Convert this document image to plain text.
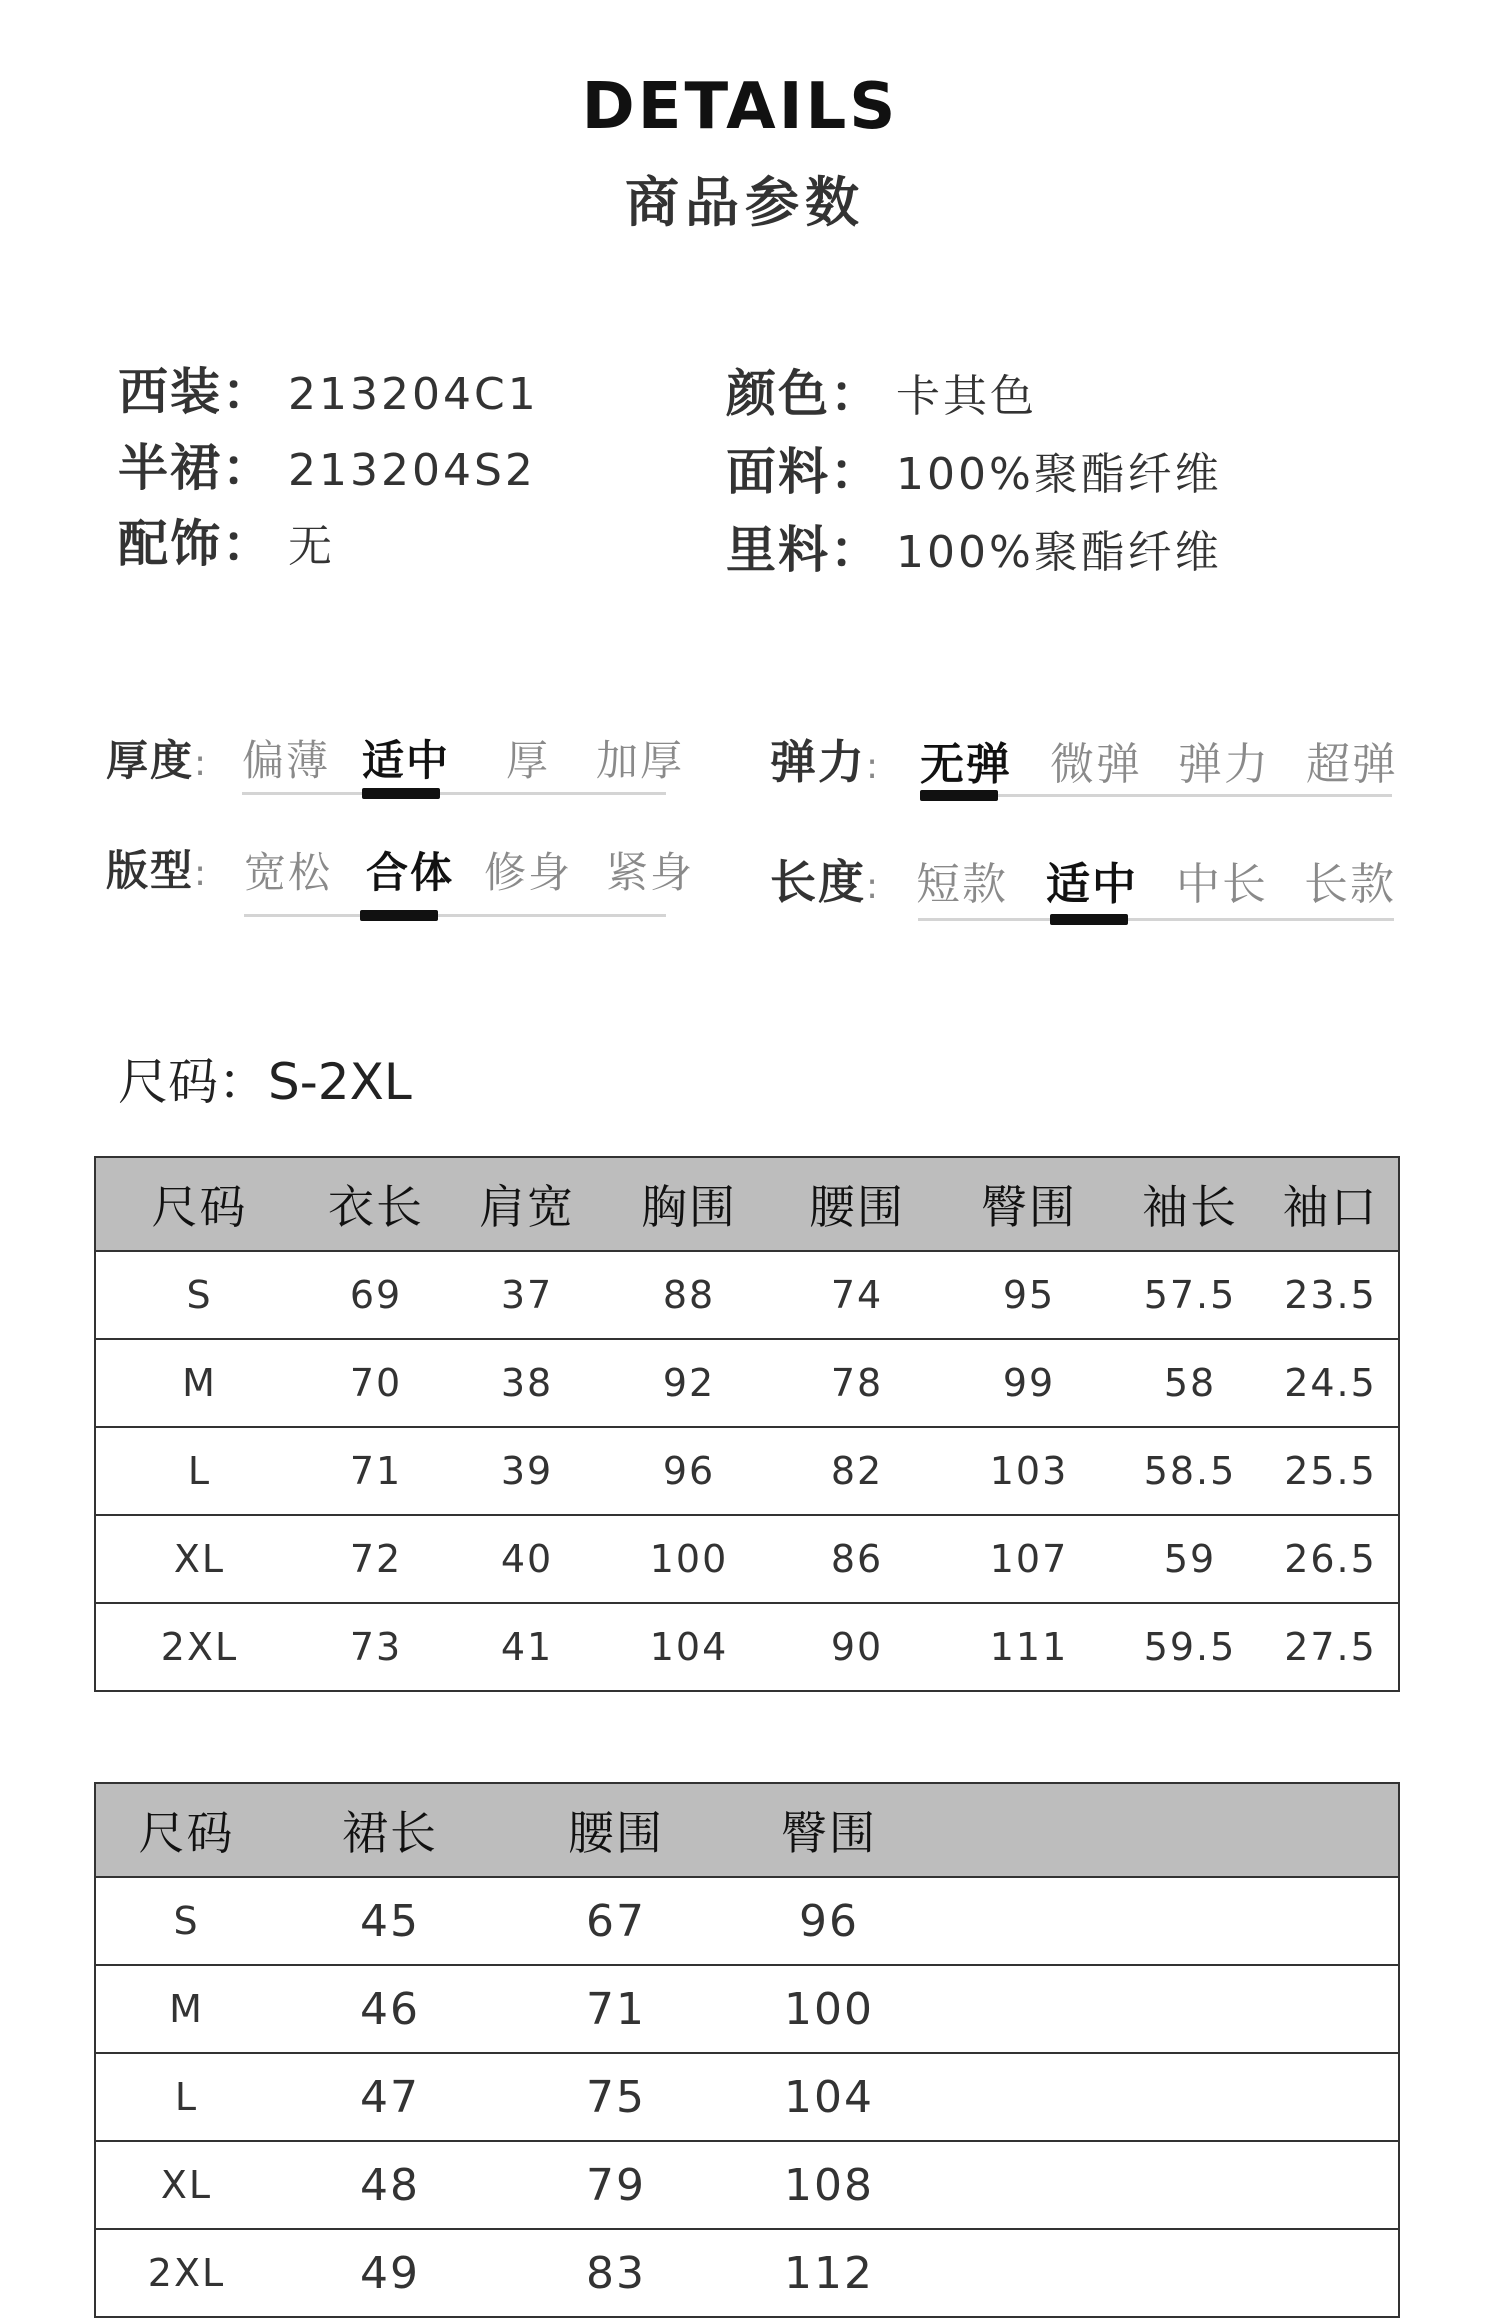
DETAILS
商品参数
西装： 213204C1
半裙： 213204S2
配饰： 无
颜色： 卡其色
面料： 100%聚酯纤维
里料： 100%聚酯纤维
厚度: 偏薄 适中 厚 加厚 弹力: 无弹 微弹 弹力 超弹
版型: 宽松 合体 修身 紧身 长度: 短款 适中 中长 长款
尺码：S-2XL
尺码	衣长	肩宽	胸围	腰围	臀围	袖长	袖口
S	69	37	88	74	95	57.5	23.5
M	70	38	92	78	99	58	24.5
L	71	39	96	82	103	58.5	25.5
XL	72	40	100	86	107	59	26.5
2XL	73	41	104	90	111	59.5	27.5
尺码	裙长	腰围	臀围	
S	45	67	96	
M	46	71	100	
L	47	75	104	
XL	48	79	108	
2XL	49	83	112	
